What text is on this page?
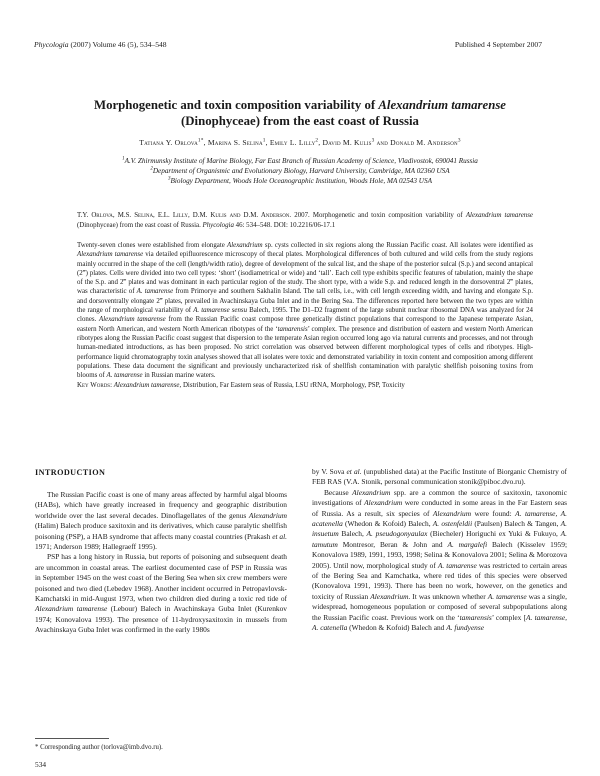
Phycologia (2007) Volume 46 (5), 534–548	Published 4 September 2007
Morphogenetic and toxin composition variability of Alexandrium tamarense
(Dinophyceae) from the east coast of Russia
Tatiana Y. Orlova$^{1*}$, Marina S. Selina$^1$, Emily L. Lilly$^2$, David M. Kulis$^3$ and Donald M. Anderson$^3$
$^1$A.V. Zhirmunsky Institute of Marine Biology, Far East Branch of Russian Academy of Science, Vladivostok, 690041 Russia
$^2$Department of Organismic and Evolutionary Biology, Harvard University, Cambridge, MA 02360 USA
$^3$Biology Department, Woods Hole Oceanographic Institution, Woods Hole, MA 02543 USA
T.Y. Orlova, M.S. Selina, E.L. Lilly, D.M. Kulis and D.M. Anderson. 2007. Morphogenetic and toxin composition variability of Alexandrium tamarense (Dinophyceae) from the east coast of Russia. Phycologia 46: 534–548. DOI: 10.2216/06-17.1
Twenty-seven clones were established from elongate Alexandrium sp. cysts collected in six regions along the Russian Pacific coast. All isolates were identified as Alexandrium tamarense via detailed epifluorescence microscopy of thecal plates. Morphological differences of both cultured and wild cells from the study regions mainly occurred in the shape of the cell (length/width ratio), degree of development of the sulcal list, and the shape of the posterior sulcal (S.p.) and second antapical (2‴) plates. Cells were divided into two cell types: ‘short’ (isodiametrical or wide) and ‘tall’. Each cell type exhibits specific features of tabulation, mainly the shape of the S.p. and 2‴ plates and was dominant in each particular region of the study. The short type, with a wide S.p. and reduced length in the dorsoventral 2‴ plates, was characteristic of A. tamarense from Primorye and southern Sakhalin Island. The tall cells, i.e., with cell length exceeding width, and having and elongate S.p. and dorsoventrally elongate 2‴ plates, prevailed in Avachinskaya Guba Inlet and in the Bering Sea. The differences reported here between the two types are within the range of morphological variability of A. tamarense sensu Balech, 1995. The D1–D2 fragment of the large subunit nuclear ribosomal DNA was analyzed for 24 clones. Alexandrium tamarense from the Russian Pacific coast compose three genetically distinct populations that correspond to the Japanese temperate Asian, eastern North American, and western North American ribotypes of the ‘tamarensis’ complex. The presence and distribution of eastern and western North American ribotypes along the Russian Pacific coast suggest that dispersion to the temperate Asian region occurred long ago via natural currents and processes, and not through human-mediated introductions, as has been proposed. No strict correlation was observed between different morphological types of cells and ribotypes. High-performance liquid chromatography toxin analyses showed that all isolates were toxic and demonstrated variability in toxin content and composition among different populations. These data document the significant and previously uncharacterized risk of shellfish contamination with paralytic shellfish poisoning toxins from blooms of A. tamarense in Russian marine waters.
Key Words: Alexandrium tamarense, Distribution, Far Eastern seas of Russia, LSU rRNA, Morphology, PSP, Toxicity
INTRODUCTION

The Russian Pacific coast is one of many areas affected by harmful algal blooms (HABs), which have greatly increased in frequency and geographic distribution worldwide over the last several decades. Dinoflagellates of the genus Alexandrium (Halim) Balech produce saxitoxin and its derivatives, which cause paralytic shellfish poisoning (PSP), a HAB syndrome that affects many coastal countries (Prakash et al. 1971; Anderson 1989; Hallegraeff 1995).

PSP has a long history in Russia, but reports of poisoning and subsequent death are uncommon in coastal areas. The earliest documented case of PSP in Russia was in September 1945 on the west coast of the Bering Sea when six crew members were poisoned and two died (Lebedev 1968). Another incident occurred in Petropavlovsk-Kamchatski in mid-August 1973, when two children died during a toxic red tide of Alexandrium tamarense (Lebour) Balech in Avachinskaya Guba Inlet (Kurenkov 1974; Konovalova 1993). The presence of 11-hydroxysaxitoxin in mussels from Avachinskaya Guba Inlet was confirmed in the early 1980s

by V. Sova et al. (unpublished data) at the Pacific Institute of Biorganic Chemistry of FEB RAS (V.A. Stonik, personal communication stonik@piboc.dvo.ru).

Because Alexandrium spp. are a common the source of saxitoxin, taxonomic investigations of Alexandrium were conducted in some areas in the Far Eastern seas of Russia. As a result, six species of Alexandrium were found: A. tamarense, A. acatenella (Whedon & Kofoid) Balech, A. ostenfeldii (Paulsen) Balech & Tangen, A. insuetum Balech, A. pseudogonyaulax (Biecheler) Horiguchi ex Yuki & Fukuyo, A. tamutum Montresor, Beran & John and A. margalefi Balech (Kisselev 1959; Konovalova 1989, 1991, 1993, 1998; Selina & Konovalova 2001; Selina & Morozova 2005). Until now, morphological study of A. tamarense was restricted to certain areas of the Bering Sea and Kamchatka, where red tides of this species were observed (Konovalova 1991, 1993). There has been no work, however, on the genetics and toxicity of Russian Alexandrium. It was unknown whether A. tamarense was a single, widespread, homogeneous population or composed of several subpopulations along the Russian Pacific coast. Previous work on the ‘tamarensis’ complex [A. tamarense, A. catenella (Whedon & Kofoid) Balech and A. fundyense

* Corresponding author (torlova@imb.dvo.ru).
534
